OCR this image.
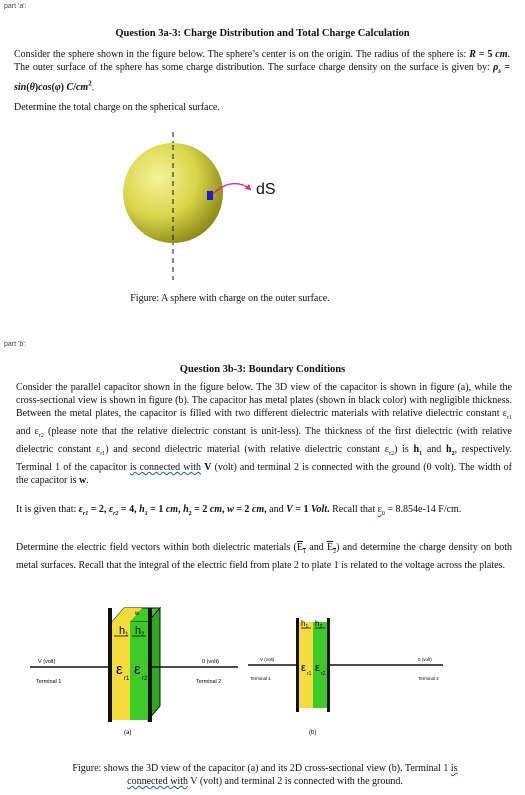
part 'a':
Question 3a-3: Charge Distribution and Total Charge Calculation
Consider the sphere shown in the figure below. The sphere’s center is on the origin. The radius of the sphere is: R = 5 cm. The outer surface of the sphere has some charge distribution. The surface charge density on the surface is given by: $\rho_s = \sin(\theta)\cos(\varphi)$ $C/cm^2$.
Determine the total charge on the spherical surface.
dS
Figure: A sphere with charge on the outer surface.
part 'b':
Question 3b-3: Boundary Conditions
Consider the parallel capacitor shown in the figure below. The 3D view of the capacitor is shown in figure (a), while the cross-sectional view is shown in figure (b). The capacitor has metal plates (shown in black color) with negligible thickness. Between the metal plates, the capacitor is filled with two different dielectric materials with relative dielectric constant $\varepsilon_{r1}$ and $\varepsilon_{r2}$ (please note that the relative dielectric constant is unit-less). The thickness of the first dielectric (with relative dielectric constant $\varepsilon_{r1}$) and second dielectric material (with relative dielectric constant $\varepsilon_{r2}$) is $h_1$ and $h_2$, respectively. Terminal 1 of the capacitor is connected with V (volt) and terminal 2 is connected with the ground (0 volt). The width of the capacitor is w.
It is given that: $\varepsilon_{r1} = 2$, $\varepsilon_{r2} = 4$, $h_1 = 1$ cm, $h_2 = 2$ cm, w = 2 cm, and V = 1 Volt. Recall that $\varepsilon_0 = 8.854e-14$ F/cm.
Determine the electric field vectors within both dielectric materials ($E_1$ and $E_2$) and determine the charge density on both metal surfaces. Recall that the integral of the electric field from plate 2 to plate 1 is related to the voltage across the plates.
h1 h2
w
ε
r1
ε
r2
V (volt)	0 (volt)
Terminal 1	Terminal 2
(a)
$h_1$ $h_2$
ε r1 ε r2
V (volt)	0 (volt)
Terminal 1	Terminal 2
(b)
Figure: shows the 3D view of the capacitor (a) and its 2D cross-sectional view (b). Terminal 1 is connected with V (volt) and terminal 2 is connected with the ground.
